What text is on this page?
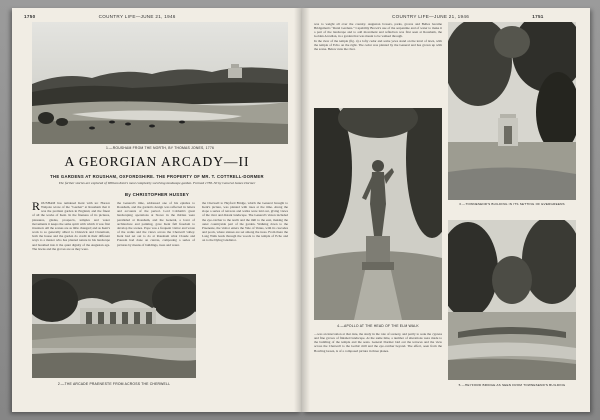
1750	COUNTRY LIFE—JUNE 21, 1946
1.—ROUSHAM FROM THE NORTH, BY THOMAS JONES, 1776
A GEORGIAN ARCADY—II
THE GARDENS AT ROUSHAM, OXFORDSHIRE. THE PROPERTY OF MR. T. COTTRELL-DORMER
The further stories are explored of William Kent's most completely surviving landscape garden. Formed 1738–50 by General James Dormer
By CHRISTOPHER HUSSEY
R OUSHAM has remained Kent with us: Horace Walpole wrote of the “Garden” at Rousham that it was the prettiest garden in England, and the finest of all the works of Kent. In the fineness of its pictures, pleasures, glades, prospects, temples and water movements it keeps the same spirit with which it was first invented. All the scenes are as little changed; and as Kent's work is so generally allied to Chiswick and Claremont, both the house and the garden do credit in their different ways to a master who has planted nature in his landscape and breathed into it the quiet dignity of the Augustan age. The lawns and the groves are as they were.
the General's time, addressed one of his epistles to Rousham, and the garden's design was reflected in letters and accounts of the period. Lord Cobham's great landscaping operations at Stowe in the thirties were paralleled at Rousham, and the General, a lover of architecture and painting, gave Kent full freedom to develop the scenes. Pope was a frequent visitor and wrote of the walks and the views across the Cherwell valley. Kent had set out to do at Rousham what Claude and Poussin had done on canvas, composing a series of pictures by means of buildings, trees and water.
the Cherwell to Heyford Bridge, which the General brought to Kent's picture, was planted with trees at the time. Along the slope a series of terraces and walks were laid out, giving views of the river and distant landscape. The General's vision included the eye-catcher to the north and the mill to the east, making the outer countryside part of the garden. Walking down to the Praeneste, the visitor enters the Vale of Venus, with its cascades and pools, where statues are set among the trees. From there the Long Walk leads through the woods to the temple of Echo and on to the Dying Gladiator.
2.—THE ARCADE PRAENESTE FROM ACROSS THE CHERWELL
COUNTRY LIFE—JUNE 21, 1946	1751
was to weight all over the country. Augustan bowers, parks, groves and Belles became Bridgeman's “Rural Gardens.” Capability Brown's use of the serpentine and of water to make it a part of the landscape and to add movement and reflection was first seen at Rousham, the Golden Arcadian, in a garden that was meant to be walked through.
In the view of the temple (fig. 4) a lofty cedar and some yews stand on the level of lawn, with the temple of Echo on the right. The cedar was planted by the General and has grown up with the scene. Below runs the river.
3.—TOWNESEND'S BUILDING IN ITS SETTING OF EVERGREENS
4.—APOLLO AT THE HEAD OF THE ELM WALK
—was an innovation at that date, the study in the role of scenery, and partly to soak the cypress and fine groves of finished landscape. At the same time, a number of alterations were made to the building of the temple and the seats. General Dormer laid out the terraces and the view across the Cherwell to the Gothic mill and the eye-catcher beyond. The effect, seen from the Bowling Green, is of a composed picture in three planes.
5.—HEYFORD BRIDGE AS SEEN FROM TOWNESEND'S BUILDING
